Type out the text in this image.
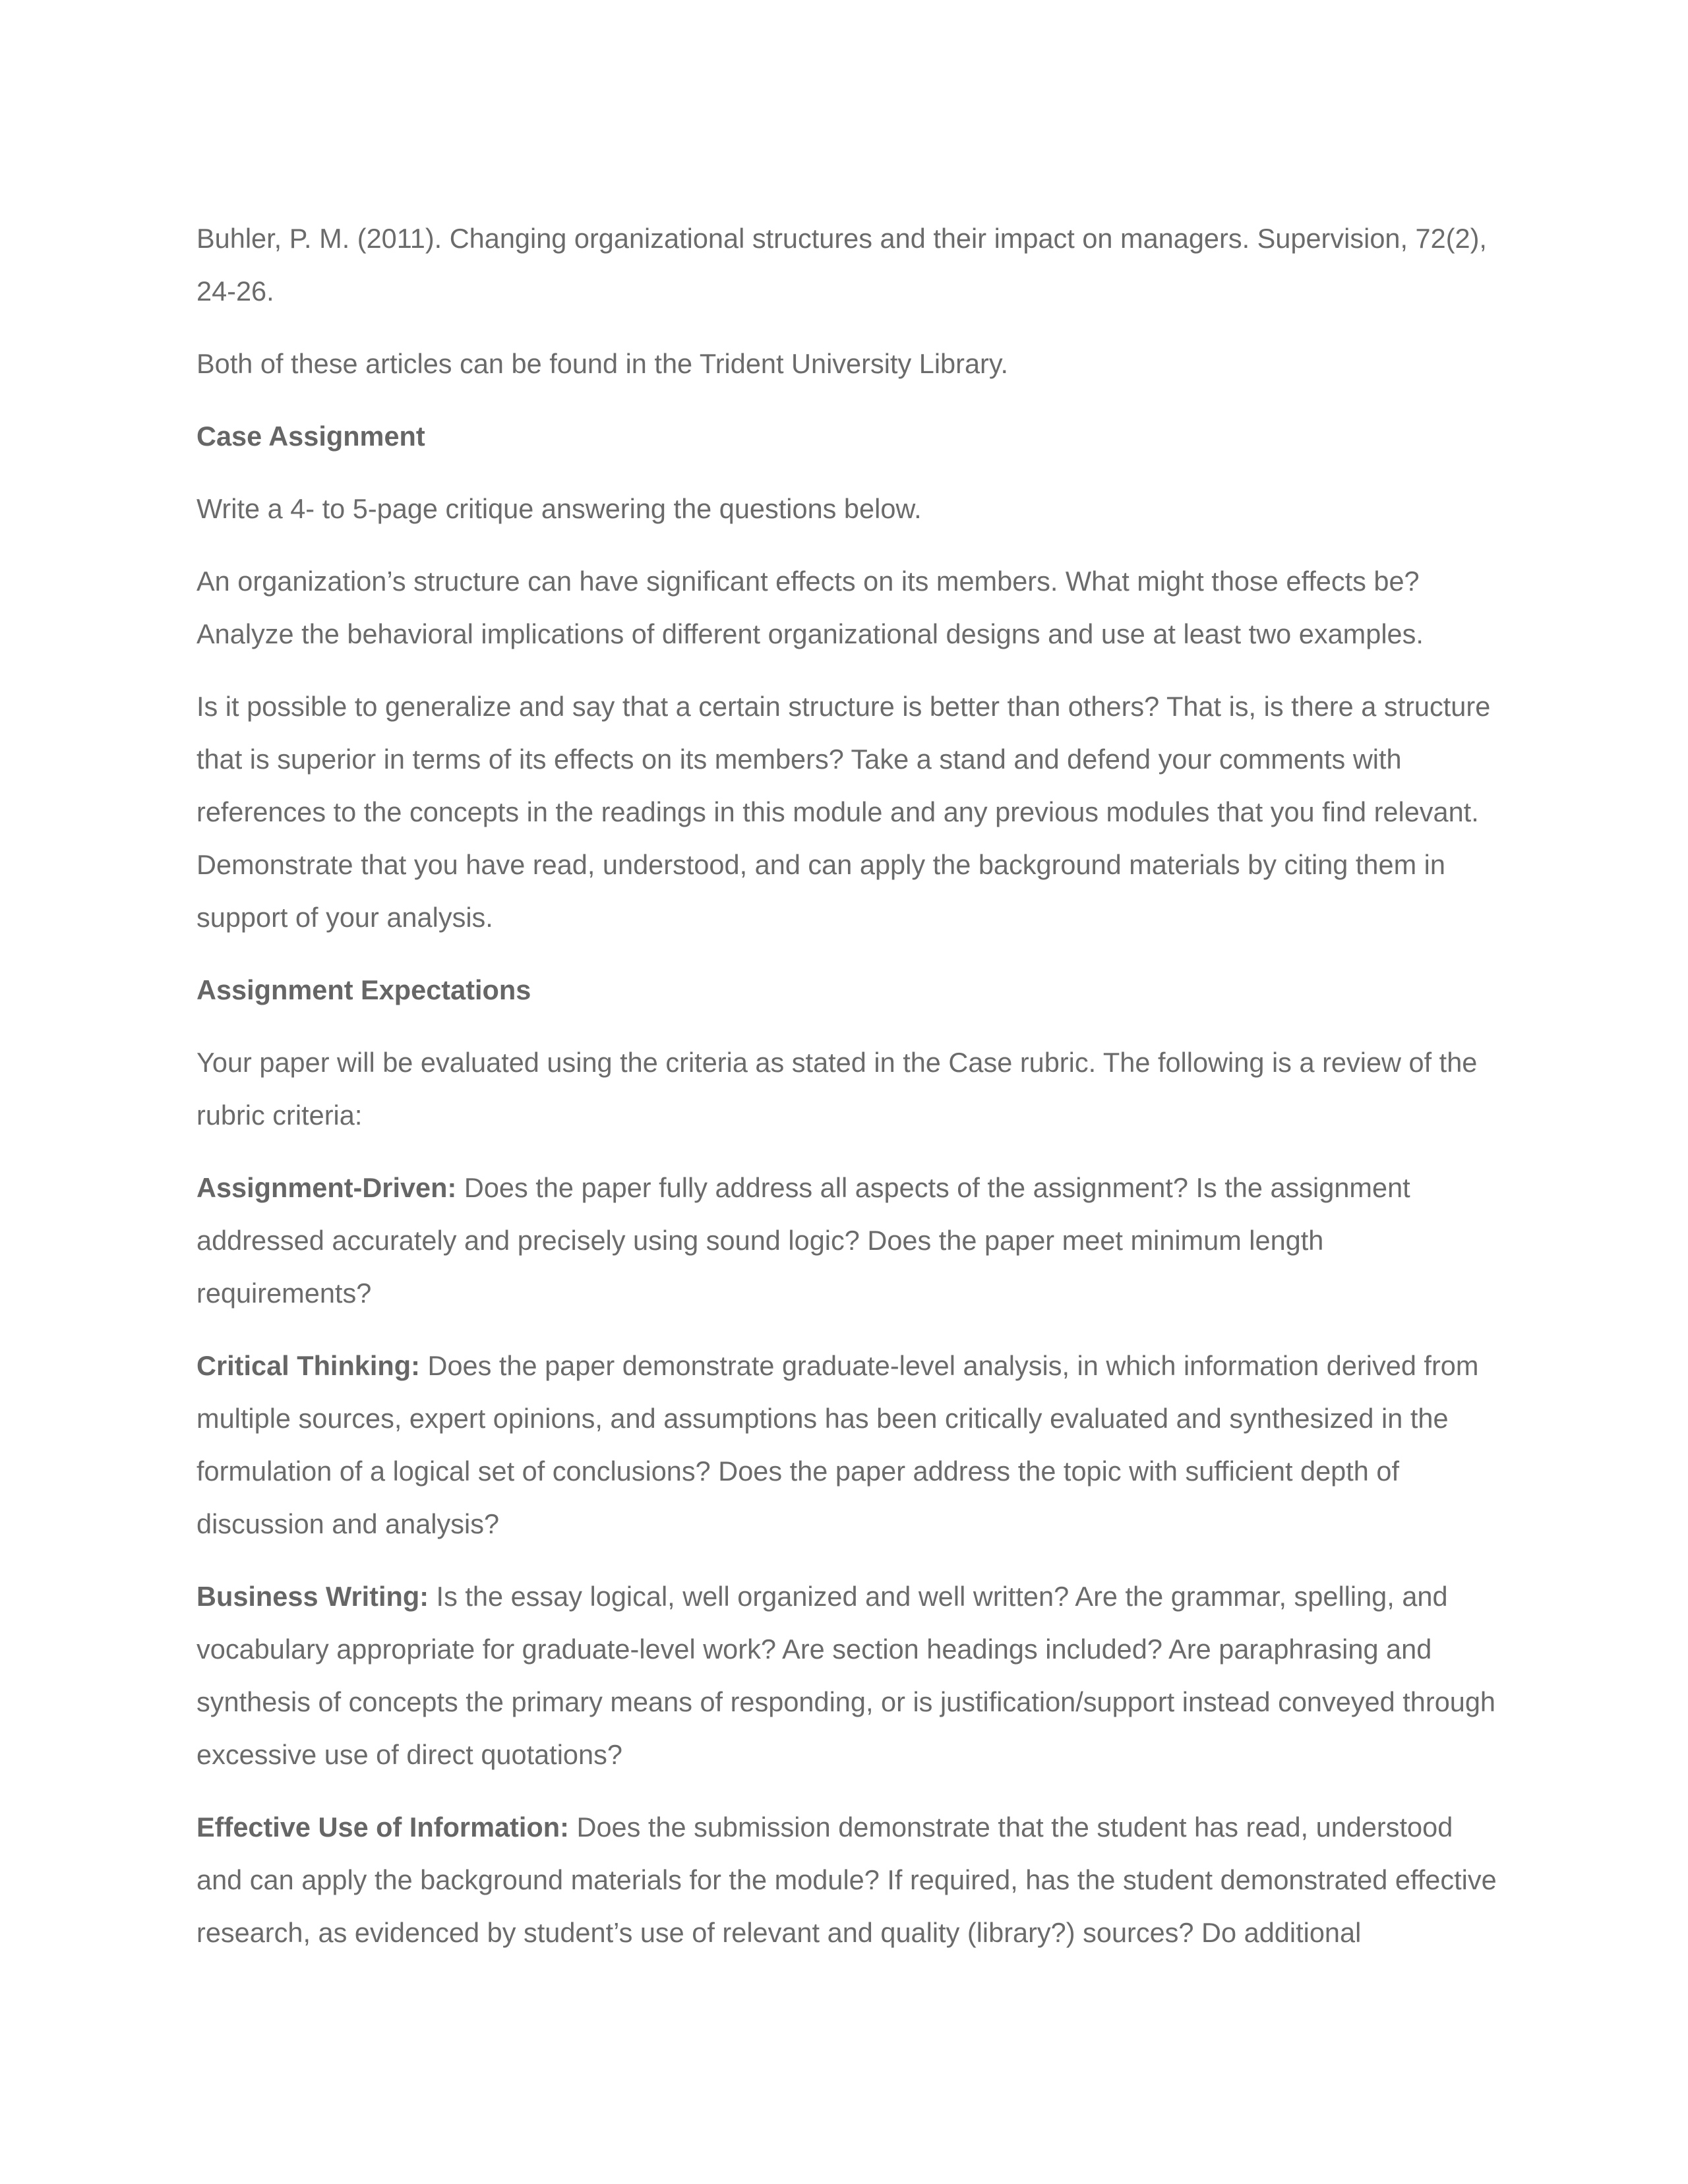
Buhler, P. M. (2011). Changing organizational structures and their impact on managers. Supervision, 72(2), 24-26.

Both of these articles can be found in the Trident University Library.

Case Assignment

Write a 4- to 5-page critique answering the questions below.

An organization’s structure can have significant effects on its members. What might those effects be? Analyze the behavioral implications of different organizational designs and use at least two examples.

Is it possible to generalize and say that a certain structure is better than others? That is, is there a structure that is superior in terms of its effects on its members? Take a stand and defend your comments with references to the concepts in the readings in this module and any previous modules that you find relevant. Demonstrate that you have read, understood, and can apply the background materials by citing them in support of your analysis.

Assignment Expectations

Your paper will be evaluated using the criteria as stated in the Case rubric. The following is a review of the rubric criteria:

Assignment-Driven: Does the paper fully address all aspects of the assignment? Is the assignment addressed accurately and precisely using sound logic? Does the paper meet minimum length requirements?

Critical Thinking: Does the paper demonstrate graduate-level analysis, in which information derived from multiple sources, expert opinions, and assumptions has been critically evaluated and synthesized in the formulation of a logical set of conclusions? Does the paper address the topic with sufficient depth of discussion and analysis?

Business Writing: Is the essay logical, well organized and well written? Are the grammar, spelling, and vocabulary appropriate for graduate-level work? Are section headings included? Are paraphrasing and synthesis of concepts the primary means of responding, or is justification/support instead conveyed through excessive use of direct quotations?

Effective Use of Information: Does the submission demonstrate that the student has read, understood and can apply the background materials for the module? If required, has the student demonstrated effective research, as evidenced by student’s use of relevant and quality (library?) sources? Do additional
